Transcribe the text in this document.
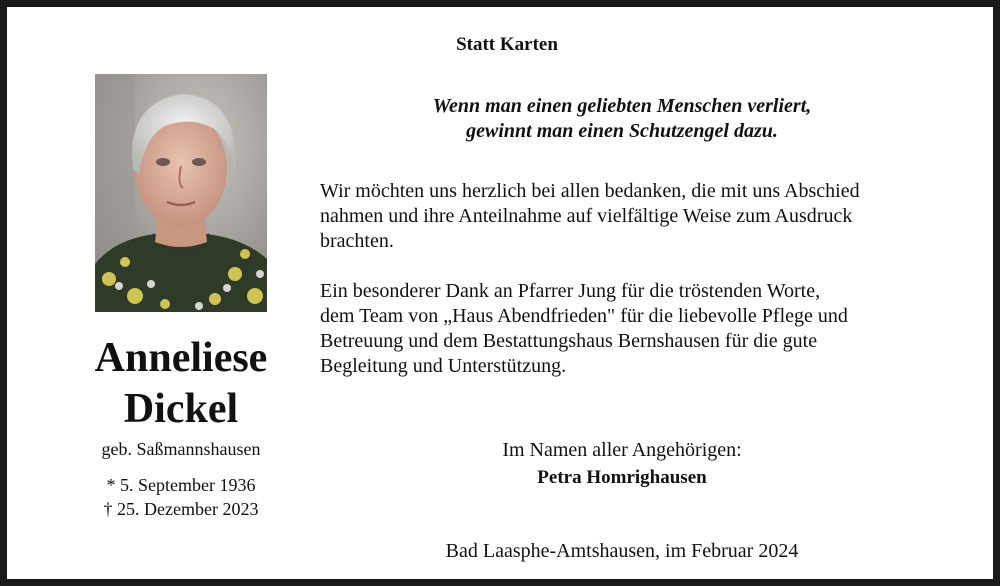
Statt Karten
Anneliese
Dickel
geb. Saßmannshausen
* 5. September 1936
† 25. Dezember 2023
Wenn man einen geliebten Menschen verliert,
gewinnt man einen Schutzengel dazu.
Wir möchten uns herzlich bei allen bedanken, die mit uns Abschied
nahmen und ihre Anteilnahme auf vielfältige Weise zum Ausdruck
brachten.
Ein besonderer Dank an Pfarrer Jung für die tröstenden Worte,
dem Team von „Haus Abendfrieden" für die liebevolle Pflege und
Betreuung und dem Bestattungshaus Bernshausen für die gute
Begleitung und Unterstützung.
Im Namen aller Angehörigen:
Petra Homrighausen
Bad Laasphe-Amtshausen, im Februar 2024
